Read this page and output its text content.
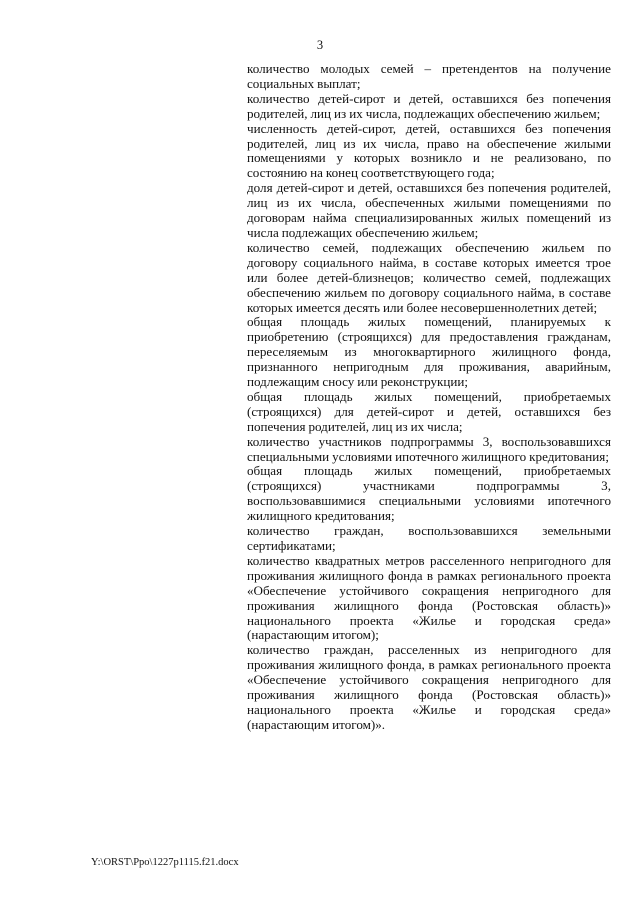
3

количество молодых семей – претендентов на получение социальных выплат;

количество детей-сирот и детей, оставшихся без попечения родителей, лиц из их числа, подлежащих обеспечению жильем;

численность детей-сирот, детей, оставшихся без попечения родителей, лиц из их числа, право на обеспечение жилыми помещениями у которых возникло и не реализовано, по состоянию на конец соответствующего года;

доля детей-сирот и детей, оставшихся без попечения родителей, лиц из их числа, обеспеченных жилыми помещениями по договорам найма специализированных жилых помещений из числа подлежащих обеспечению жильем;

количество семей, подлежащих обеспечению жильем по договору социального найма, в составе которых имеется трое или более детей-близнецов; количество семей, подлежащих обеспечению жильем по договору социального найма, в составе которых имеется десять или более несовершеннолетних детей;

общая площадь жилых помещений, планируемых к приобретению (строящихся) для предоставления гражданам, переселяемым из многоквартирного жилищного фонда, признанного непригодным для проживания, аварийным, подлежащим сносу или реконструкции;

общая площадь жилых помещений, приобретаемых (строящихся) для детей-сирот и детей, оставшихся без попечения родителей, лиц из их числа;

количество участников подпрограммы 3, воспользовавшихся специальными условиями ипотечного жилищного кредитования;

общая площадь жилых помещений, приобретаемых (строящихся) участниками подпрограммы 3, воспользовавшимися специальными условиями ипотечного жилищного кредитования;

количество граждан, воспользовавшихся земельными сертификатами;

количество квадратных метров расселенного непригодного для проживания жилищного фонда в рамках регионального проекта «Обеспечение устойчивого сокращения непригодного для проживания жилищного фонда (Ростовская область)» национального проекта «Жилье и городская среда» (нарастающим итогом);

количество граждан, расселенных из непригодного для проживания жилищного фонда, в рамках регионального проекта «Обеспечение устойчивого сокращения непригодного для проживания жилищного фонда (Ростовская область)» национального проекта «Жилье и городская среда» (нарастающим итогом)».

Y:\ORST\Ppo\1227p1115.f21.docx
